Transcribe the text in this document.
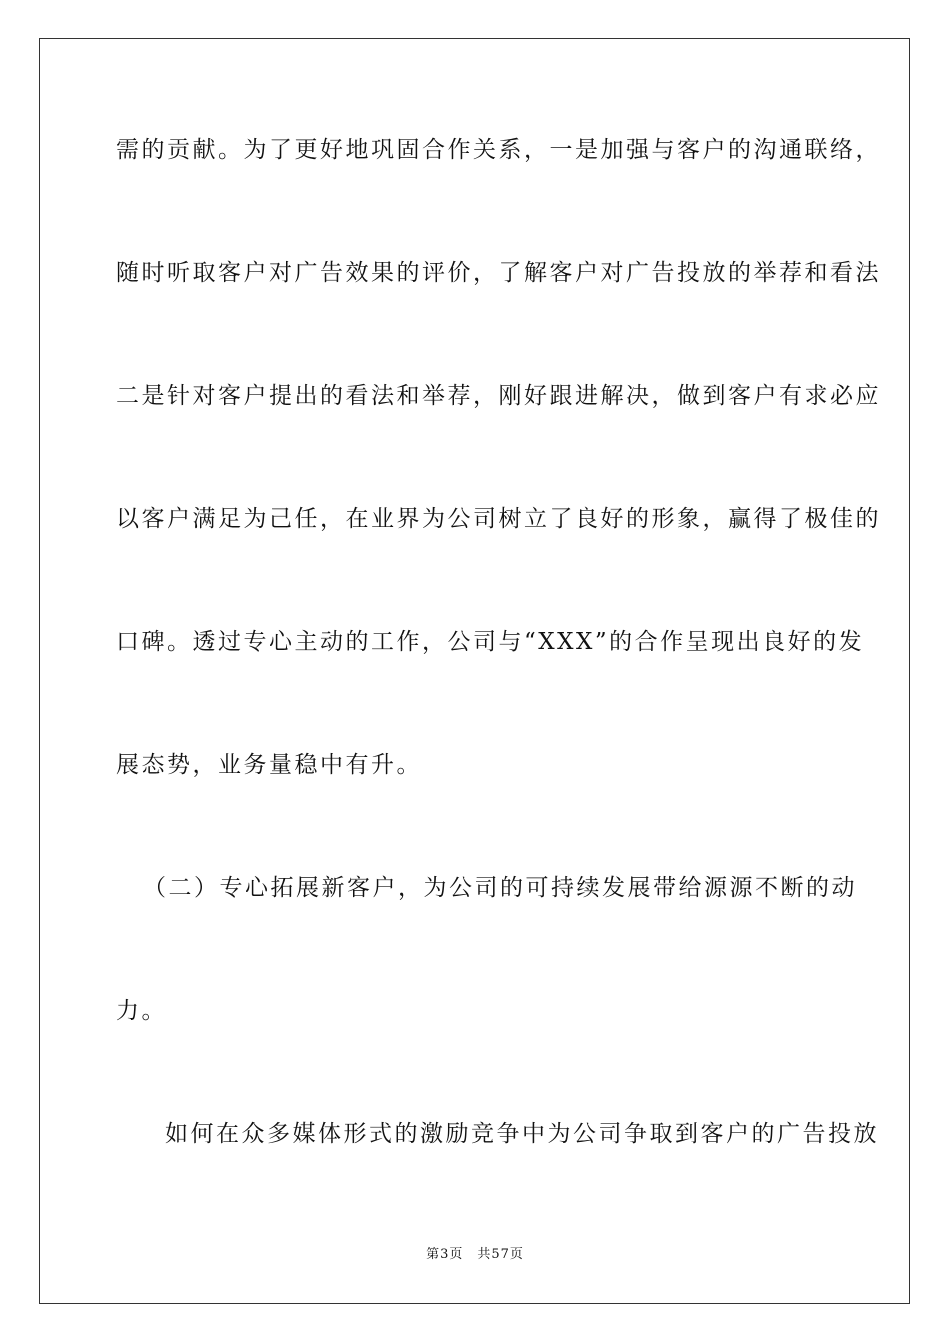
需的贡献。为了更好地巩固合作关系，一是加强与客户的沟通联络，
随时听取客户对广告效果的评价，了解客户对广告投放的举荐和看法
二是针对客户提出的看法和举荐，刚好跟进解决，做到客户有求必应
以客户满足为己任，在业界为公司树立了良好的形象，赢得了极佳的
口碑。透过专心主动的工作，公司与“XXX”的合作呈现出良好的发
展态势，业务量稳中有升。
（二）专心拓展新客户，为公司的可持续发展带给源源不断的动
力。
如何在众多媒体形式的激励竞争中为公司争取到客户的广告投放
第3页 共57页
